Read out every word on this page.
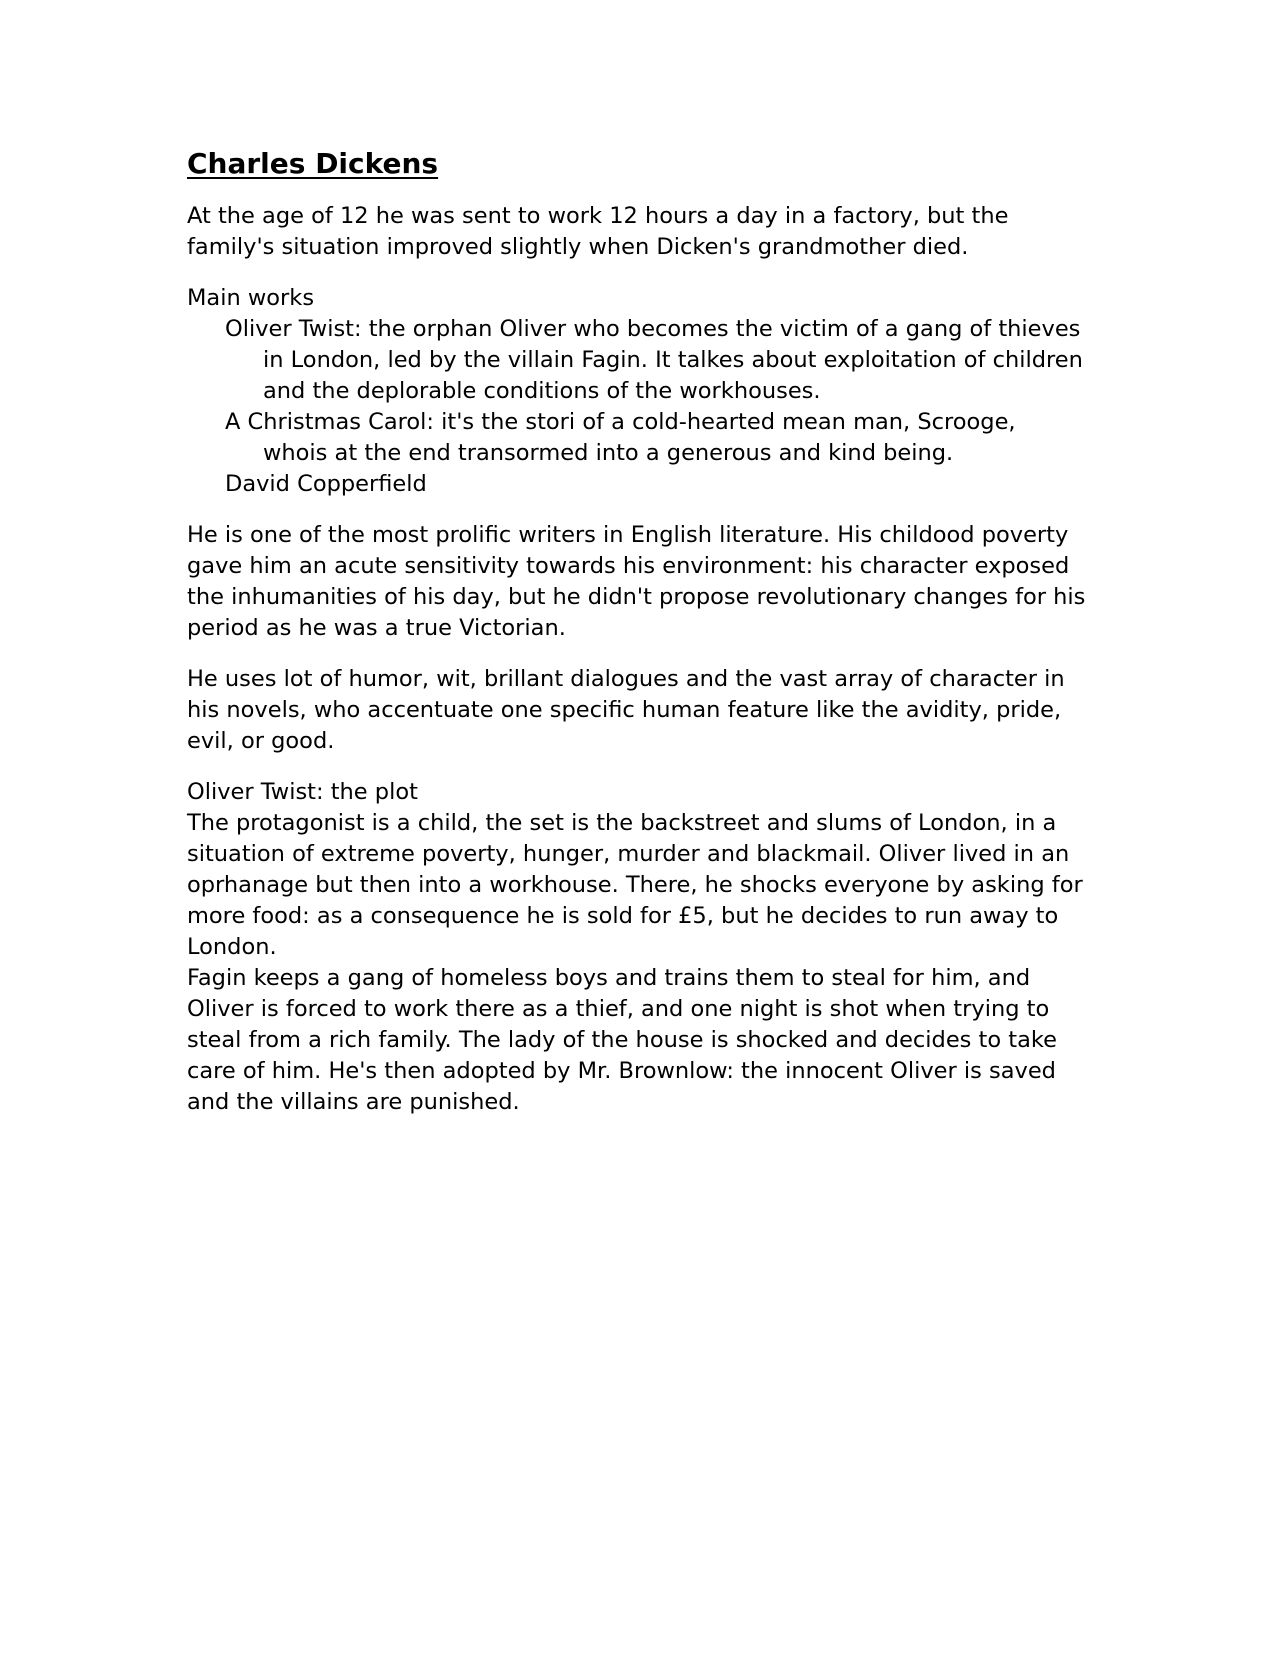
Charles Dickens

At the age of 12 he was sent to work 12 hours a day in a factory, but the family's situation improved slightly when Dicken's grandmother died.

Main works

Oliver Twist: the orphan Oliver who becomes the victim of a gang of thieves in London, led by the villain Fagin. It talkes about exploitation of children and the deplorable conditions of the workhouses.
A Christmas Carol: it's the stori of a cold-hearted mean man, Scrooge, whois at the end transormed into a generous and kind being.
David Copperfield

He is one of the most prolific writers in English literature. His childood poverty gave him an acute sensitivity towards his environment: his character exposed the inhumanities of his day, but he didn't propose revolutionary changes for his period as he was a true Victorian.

He uses lot of humor, wit, brillant dialogues and the vast array of character in his novels, who accentuate one specific human feature like the avidity, pride, evil, or good.

Oliver Twist: the plot

The protagonist is a child, the set is the backstreet and slums of London, in a situation of extreme poverty, hunger, murder and blackmail. Oliver lived in an oprhanage but then into a workhouse. There, he shocks everyone by asking for more food: as a consequence he is sold for £5, but he decides to run away to London.

Fagin keeps a gang of homeless boys and trains them to steal for him, and Oliver is forced to work there as a thief, and one night is shot when trying to steal from a rich family. The lady of the house is shocked and decides to take care of him. He's then adopted by Mr. Brownlow: the innocent Oliver is saved and the villains are punished.
